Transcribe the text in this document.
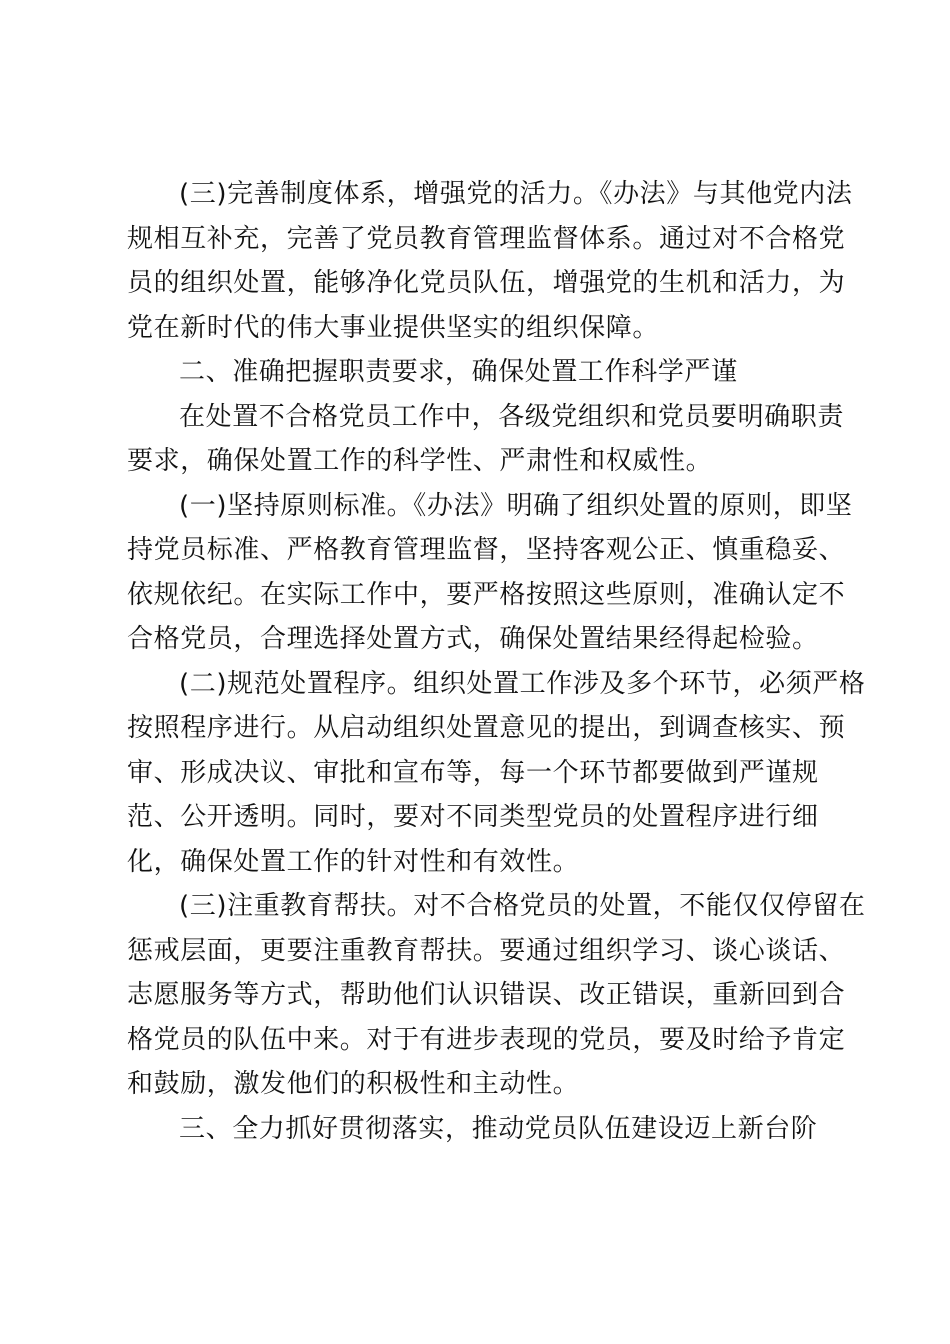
(三)完善制度体系，增强党的活力。《办法》与其他党内法
规相互补充，完善了党员教育管理监督体系。通过对不合格党
员的组织处置，能够净化党员队伍，增强党的生机和活力，为
党在新时代的伟大事业提供坚实的组织保障。
二、准确把握职责要求，确保处置工作科学严谨
在处置不合格党员工作中，各级党组织和党员要明确职责
要求，确保处置工作的科学性、严肃性和权威性。
(一)坚持原则标准。《办法》明确了组织处置的原则，即坚
持党员标准、严格教育管理监督，坚持客观公正、慎重稳妥、
依规依纪。在实际工作中，要严格按照这些原则，准确认定不
合格党员，合理选择处置方式，确保处置结果经得起检验。
(二)规范处置程序。组织处置工作涉及多个环节，必须严格
按照程序进行。从启动组织处置意见的提出，到调查核实、预
审、形成决议、审批和宣布等，每一个环节都要做到严谨规
范、公开透明。同时，要对不同类型党员的处置程序进行细
化，确保处置工作的针对性和有效性。
(三)注重教育帮扶。对不合格党员的处置，不能仅仅停留在
惩戒层面，更要注重教育帮扶。要通过组织学习、谈心谈话、
志愿服务等方式，帮助他们认识错误、改正错误，重新回到合
格党员的队伍中来。对于有进步表现的党员，要及时给予肯定
和鼓励，激发他们的积极性和主动性。
三、全力抓好贯彻落实，推动党员队伍建设迈上新台阶
